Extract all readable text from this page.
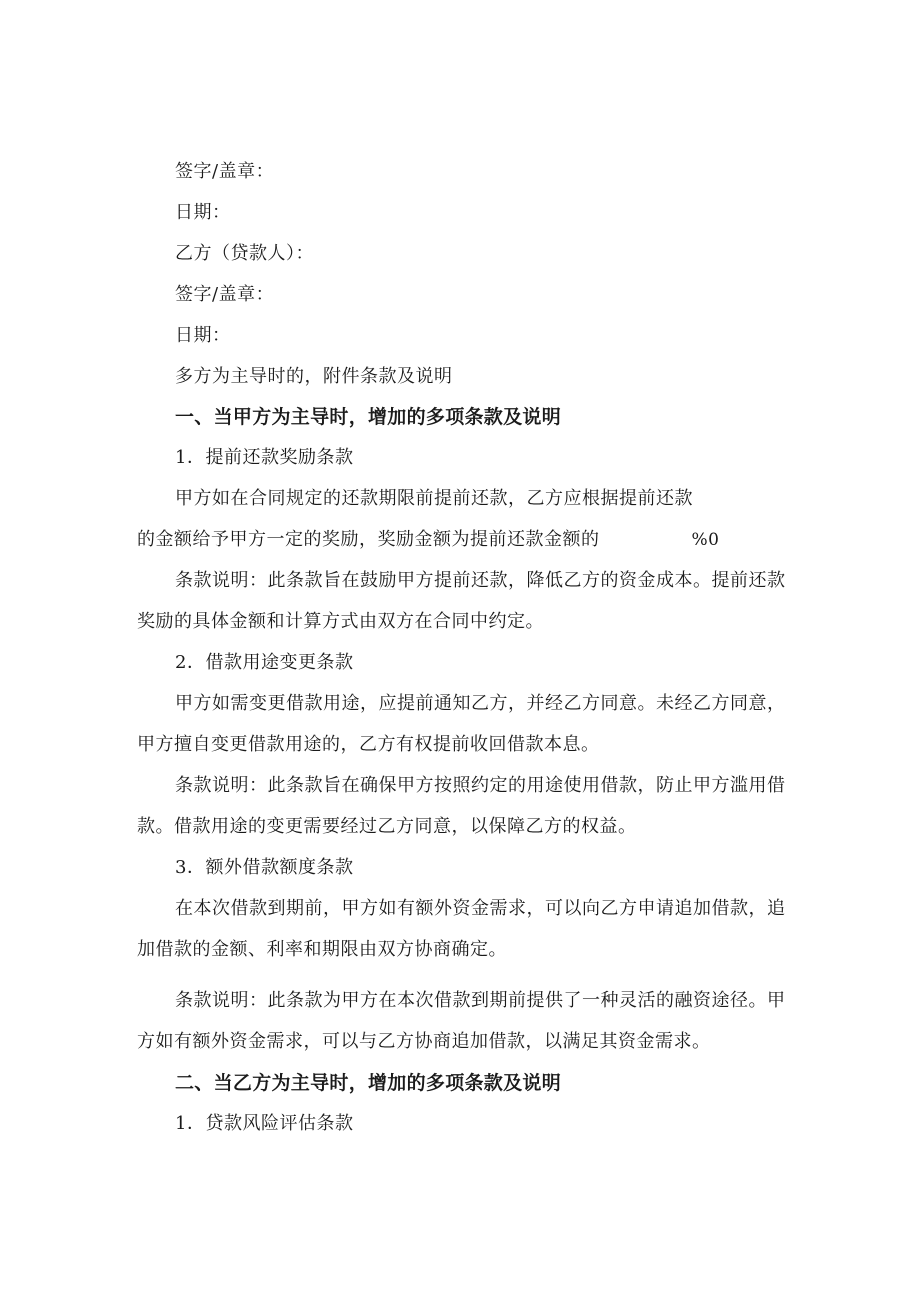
签字/盖章：
日期：
乙方（贷款人）：
签字/盖章：
日期：
多方为主导时的，附件条款及说明
一、当甲方为主导时，增加的多项条款及说明
1．提前还款奖励条款
甲方如在合同规定的还款期限前提前还款，乙方应根据提前还款
的金额给予甲方一定的奖励，奖励金额为提前还款金额的	%0
条款说明：此条款旨在鼓励甲方提前还款，降低乙方的资金成本。提前还款
奖励的具体金额和计算方式由双方在合同中约定。
2．借款用途变更条款
甲方如需变更借款用途，应提前通知乙方，并经乙方同意。未经乙方同意，
甲方擅自变更借款用途的，乙方有权提前收回借款本息。
条款说明：此条款旨在确保甲方按照约定的用途使用借款，防止甲方滥用借
款。借款用途的变更需要经过乙方同意，以保障乙方的权益。
3．额外借款额度条款
在本次借款到期前，甲方如有额外资金需求，可以向乙方申请追加借款，追
加借款的金额、利率和期限由双方协商确定。
条款说明：此条款为甲方在本次借款到期前提供了一种灵活的融资途径。甲
方如有额外资金需求，可以与乙方协商追加借款，以满足其资金需求。
二、当乙方为主导时，增加的多项条款及说明
1．贷款风险评估条款
